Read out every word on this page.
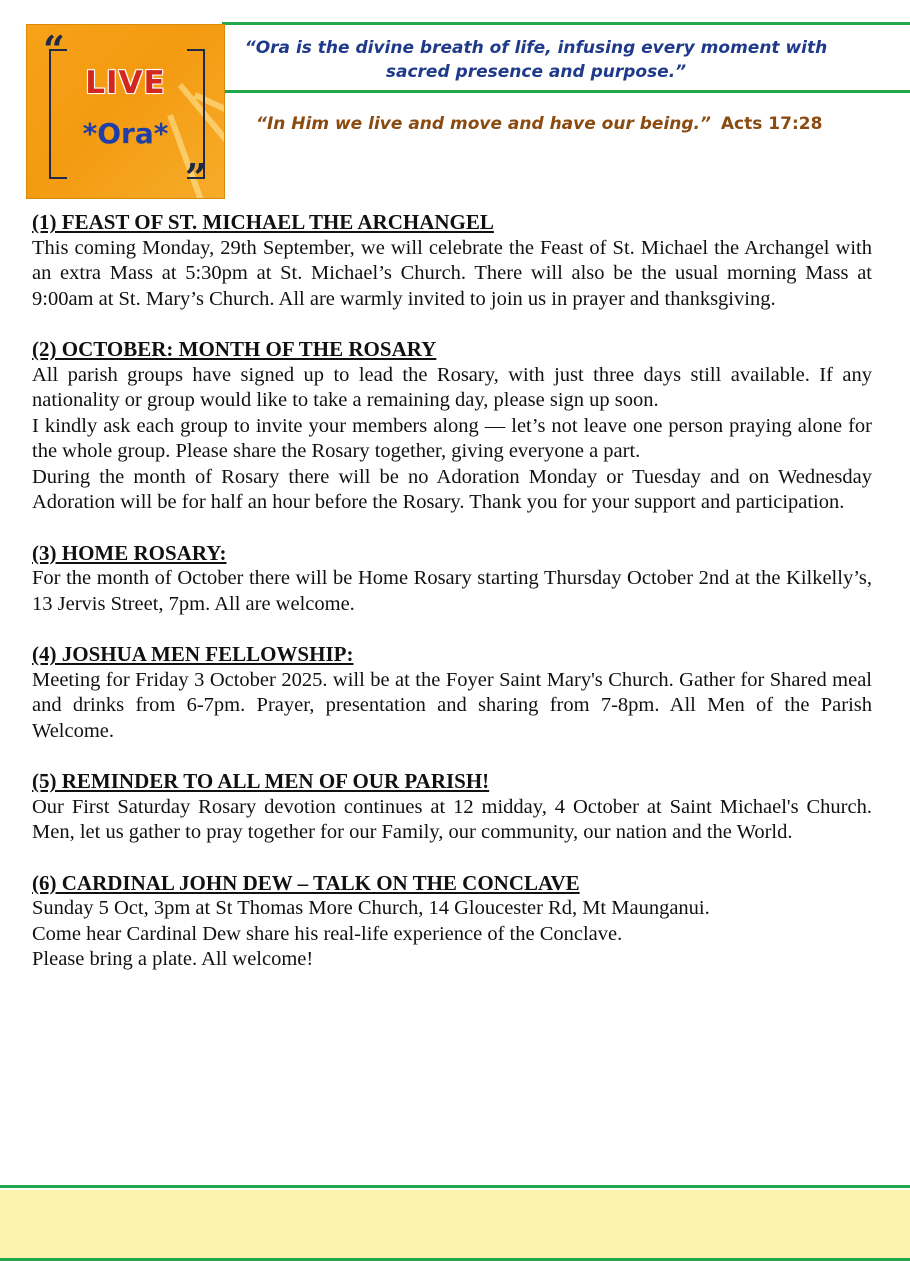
“
”
LIVE
*Ora*
“Ora is the divine breath of life, infusing every moment with sacred presence and purpose.”
“In Him we live and move and have our being.” Acts 17:28
(1) FEAST OF ST. MICHAEL THE ARCHANGEL

This coming Monday, 29th September, we will celebrate the Feast of St. Michael the Archangel with an extra Mass at 5:30pm at St. Michael’s Church. There will also be the usual morning Mass at 9:00am at St. Mary’s Church. All are warmly invited to join us in prayer and thanksgiving.

(2) OCTOBER: MONTH OF THE ROSARY

All parish groups have signed up to lead the Rosary, with just three days still available. If any nationality or group would like to take a remaining day, please sign up soon.

I kindly ask each group to invite your members along — let’s not leave one person praying alone for the whole group. Please share the Rosary together, giving everyone a part.

During the month of Rosary there will be no Adoration Monday or Tuesday and on Wednesday Adoration will be for half an hour before the Rosary. Thank you for your support and participation.

(3) HOME ROSARY:

For the month of October there will be Home Rosary starting Thursday October 2nd at the Kilkelly’s, 13 Jervis Street, 7pm. All are welcome.

(4) JOSHUA MEN FELLOWSHIP:

Meeting for Friday 3 October 2025. will be at the Foyer Saint Mary's Church. Gather for Shared meal and drinks from 6-7pm. Prayer, presentation and sharing from 7-8pm. All Men of the Parish Welcome.

(5) REMINDER TO ALL MEN OF OUR PARISH!

Our First Saturday Rosary devotion continues at 12 midday, 4 October at Saint Michael's Church. Men, let us gather to pray together for our Family, our community, our nation and the World.

(6) CARDINAL JOHN DEW – TALK ON THE CONCLAVE

Sunday 5 Oct, 3pm at St Thomas More Church, 14 Gloucester Rd, Mt Maunganui.

Come hear Cardinal Dew share his real-life experience of the Conclave.

Please bring a plate. All welcome!
